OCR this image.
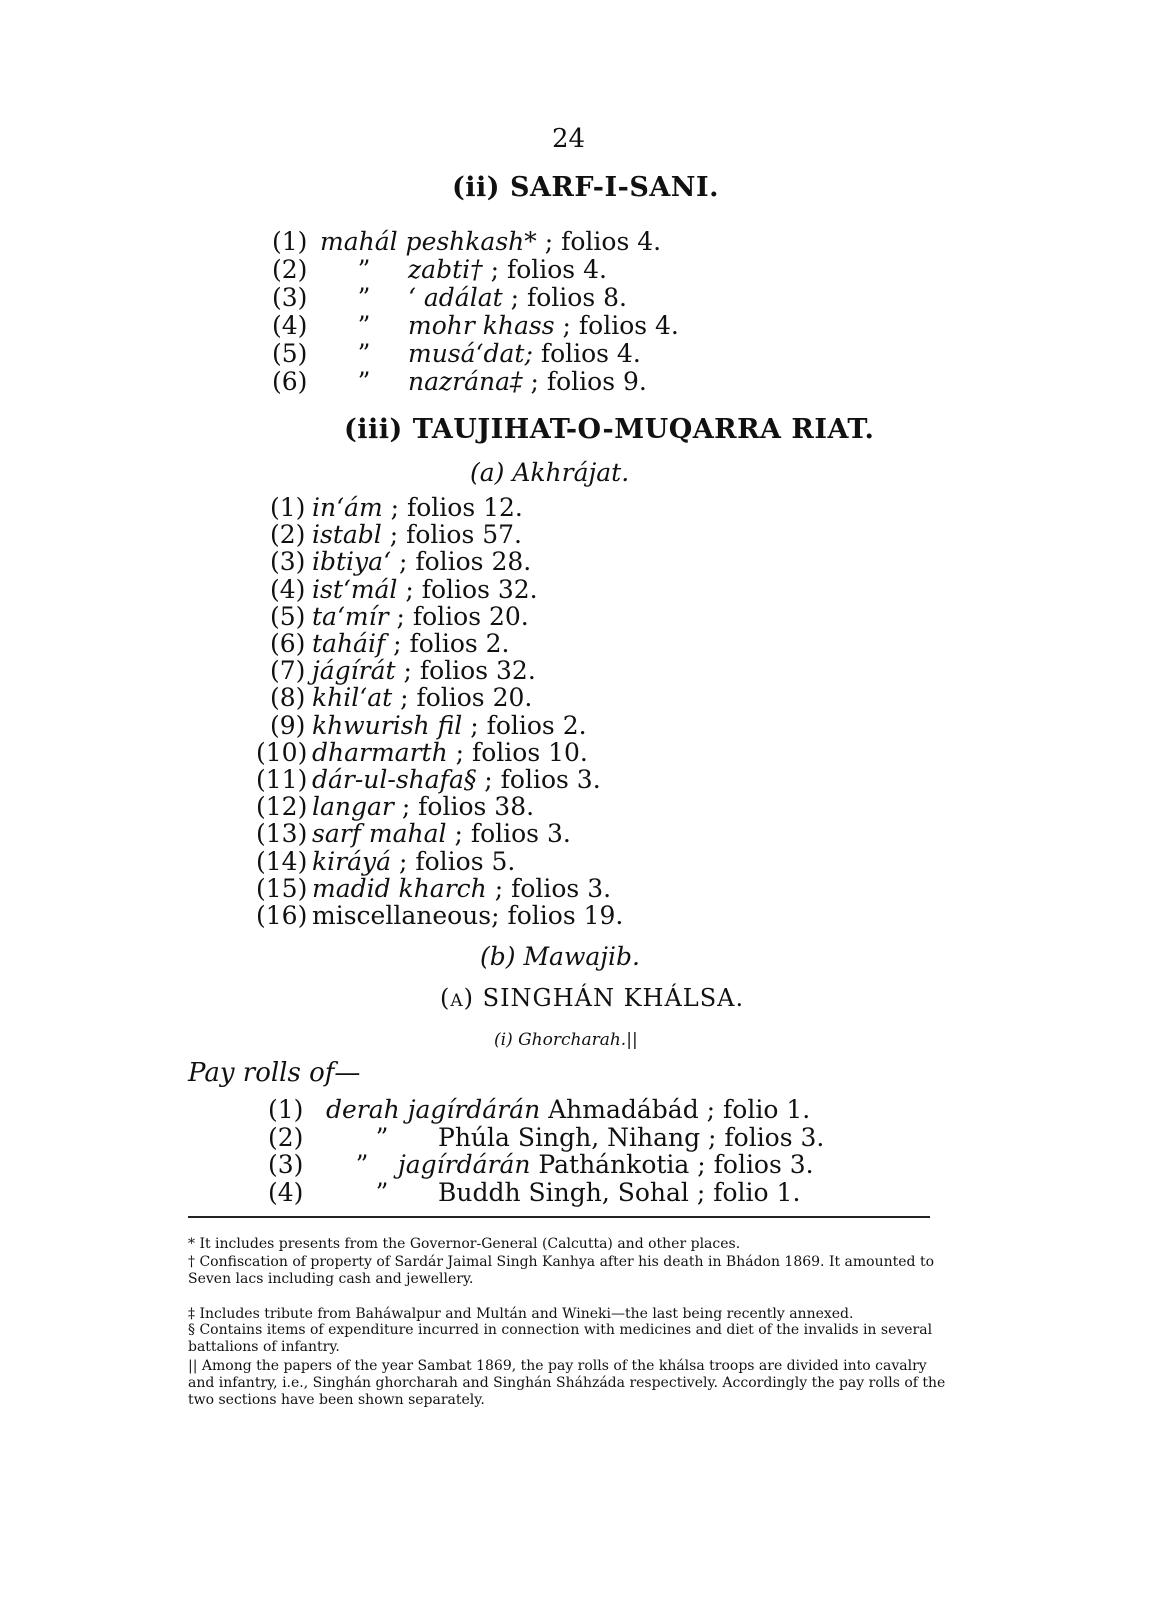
24
(ii) SARF-I-SANI.
(1) mahál peshkash* ; folios 4.
(2) ” zabti† ; folios 4.
(3) ” ‘ adálat ; folios 8.
(4) ” mohr khass ; folios 4.
(5) ” musá‘dat; folios 4.
(6) ” nazrána‡ ; folios 9.
(iii) TAUJIHAT-O-MUQARRA RIAT.
(a) Akhrájat.
(1) in‘ám ; folios 12.
(2) istabl ; folios 57.
(3) ibtiya‘ ; folios 28.
(4) ist‘mál ; folios 32.
(5) ta‘mír ; folios 20.
(6) taháif ; folios 2.
(7) jágírát ; folios 32.
(8) khil‘at ; folios 20.
(9) khwurish fil ; folios 2.
(10) dharmarth ; folios 10.
(11) dár-ul-shafa§ ; folios 3.
(12) langar ; folios 38.
(13) sarf mahal ; folios 3.
(14) kiráyá ; folios 5.
(15) madid kharch ; folios 3.
(16) miscellaneous; folios 19.
(b) Mawajib.
(a) SINGHÁN KHÁLSA.
(i) Ghorcharah.||
Pay rolls of—
(1) derah jagírdárán Ahmadábád ; folio 1.
(2)	” Phúla Singh, Nihang ; folios 3.
(3) ” jagírdárán Pathánkotia ; folios 3.
(4)	” Buddh Singh, Sohal ; folio 1.
* It includes presents from the Governor-General (Calcutta) and other places.
† Confiscation of property of Sardár Jaimal Singh Kanhya after his death in Bhádon 1869. It amounted to Seven lacs including cash and jewellery.
‡ Includes tribute from Baháwalpur and Multán and Wineki—the last being recently annexed.
§ Contains items of expenditure incurred in connection with medicines and diet of the invalids in several battalions of infantry.
|| Among the papers of the year Sambat 1869, the pay rolls of the khálsa troops are divided into cavalry and infantry, i.e., Singhán ghorcharah and Singhán Sháhzáda respectively. Accordingly the pay rolls of the two sections have been shown separately.
